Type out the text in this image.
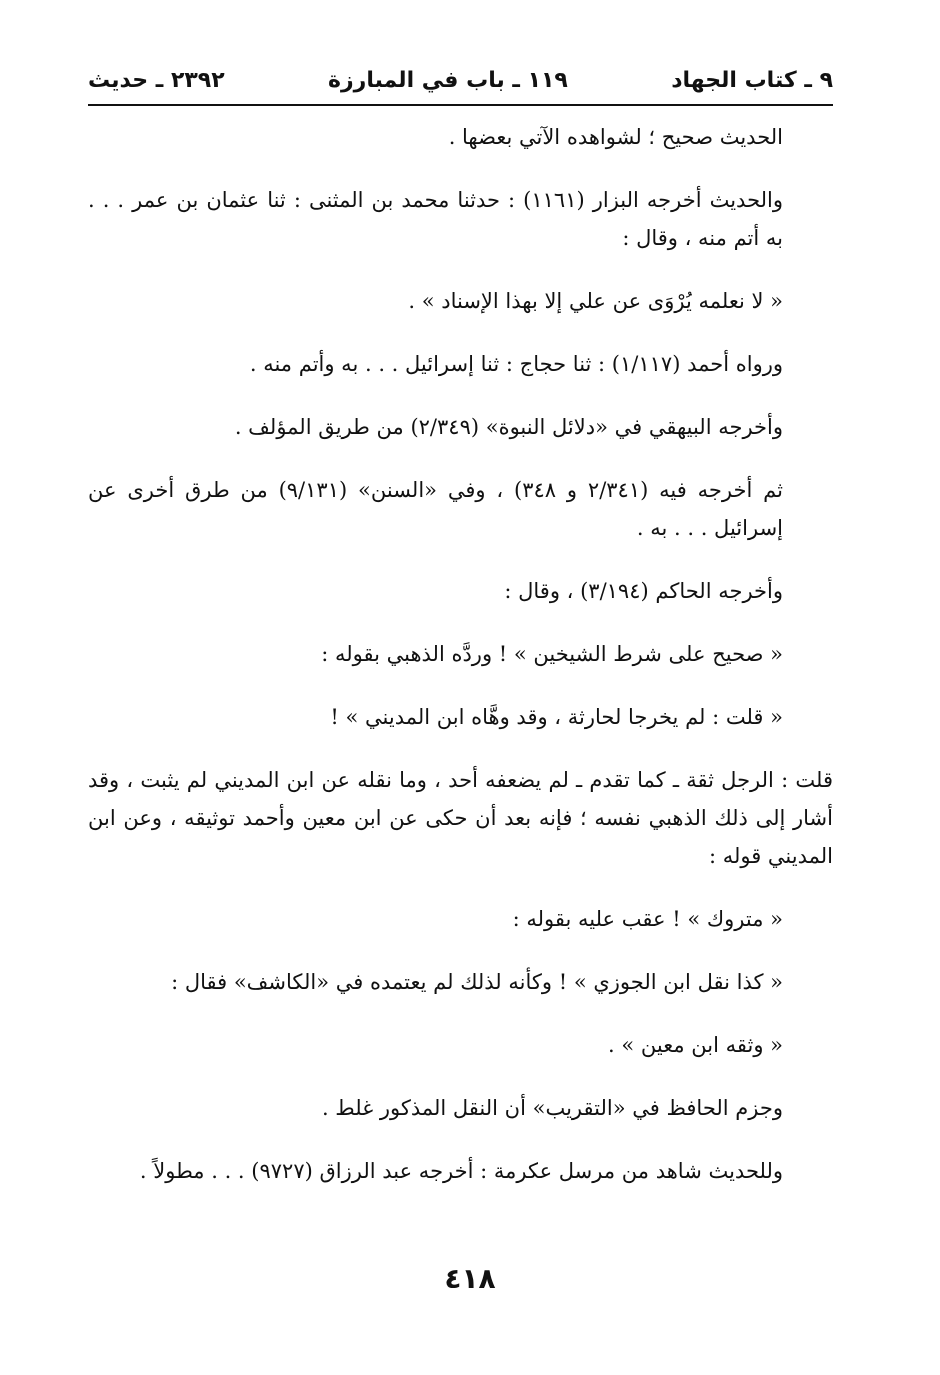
٩ ـ كتاب الجهاد
١١٩ ـ باب في المبارزة
٢٣٩٢ ـ حديث

الحديث صحيح ؛ لشواهده الآتي بعضها .

والحديث أخرجه البزار (١١٦١) : حدثنا محمد بن المثنى : ثنا عثمان بن عمر . . . به أتم منه ، وقال :

« لا نعلمه يُرْوَى عن علي إلا بهذا الإسناد » .

ورواه أحمد (١/١١٧) : ثنا حجاج : ثنا إسرائيل . . . به وأتم منه .

وأخرجه البيهقي في «دلائل النبوة» (٢/٣٤٩) من طريق المؤلف .

ثم أخرجه فيه (٢/٣٤١ و ٣٤٨) ، وفي «السنن» (٩/١٣١) من طرق أخرى عن إسرائيل . . . به .

وأخرجه الحاكم (٣/١٩٤) ، وقال :

« صحيح على شرط الشيخين » ! وردَّه الذهبي بقوله :

« قلت : لم يخرجا لحارثة ، وقد وهَّاه ابن المديني » !

قلت : الرجل ثقة ـ كما تقدم ـ لم يضعفه أحد ، وما نقله عن ابن المديني لم يثبت ، وقد أشار إلى ذلك الذهبي نفسه ؛ فإنه بعد أن حكى عن ابن معين وأحمد توثيقه ، وعن ابن المديني قوله :

« متروك » ! عقب عليه بقوله :

« كذا نقل ابن الجوزي » ! وكأنه لذلك لم يعتمده في «الكاشف» فقال :

« وثقه ابن معين » .

وجزم الحافظ في «التقريب» أن النقل المذكور غلط .

وللحديث شاهد من مرسل عكرمة : أخرجه عبد الرزاق (٩٧٢٧) . . . مطولاً .

٤١٨
